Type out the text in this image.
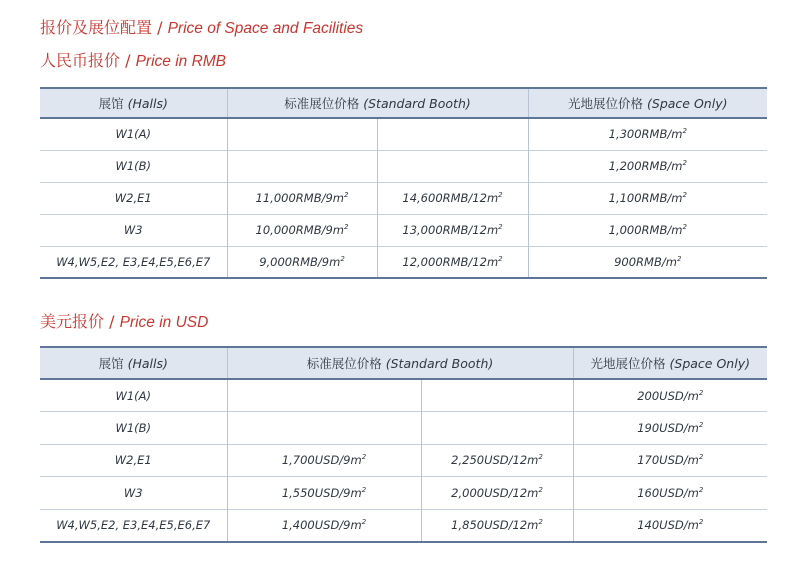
报价及展位配置 / Price of Space and Facilities
人民币报价 / Price in RMB
展馆 (Halls)	标准展位价格 (Standard Booth)		光地展位价格 (Space Only)
W1(A)			$1,300RMB/m^2$
W1(B)			$1,200RMB/m^2$
W2,E1	$11,000RMB/9m^2$	$14,600RMB/12m^2$	$1,100RMB/m^2$
W3	$10,000RMB/9m^2$	$13,000RMB/12m^2$	$1,000RMB/m^2$
W4,W5,E2, E3,E4,E5,E6,E7	$9,000RMB/9m^2$	$12,000RMB/12m^2$	$900RMB/m^2$
美元报价 / Price in USD
展馆 (Halls)	标准展位价格 (Standard Booth)		光地展位价格 (Space Only)
W1(A)			$200USD/m^2$
W1(B)			$190USD/m^2$
W2,E1	$1,700USD/9m^2$	$2,250USD/12m^2$	$170USD/m^2$
W3	$1,550USD/9m^2$	$2,000USD/12m^2$	$160USD/m^2$
W4,W5,E2, E3,E4,E5,E6,E7	$1,400USD/9m^2$	$1,850USD/12m^2$	$140USD/m^2$
